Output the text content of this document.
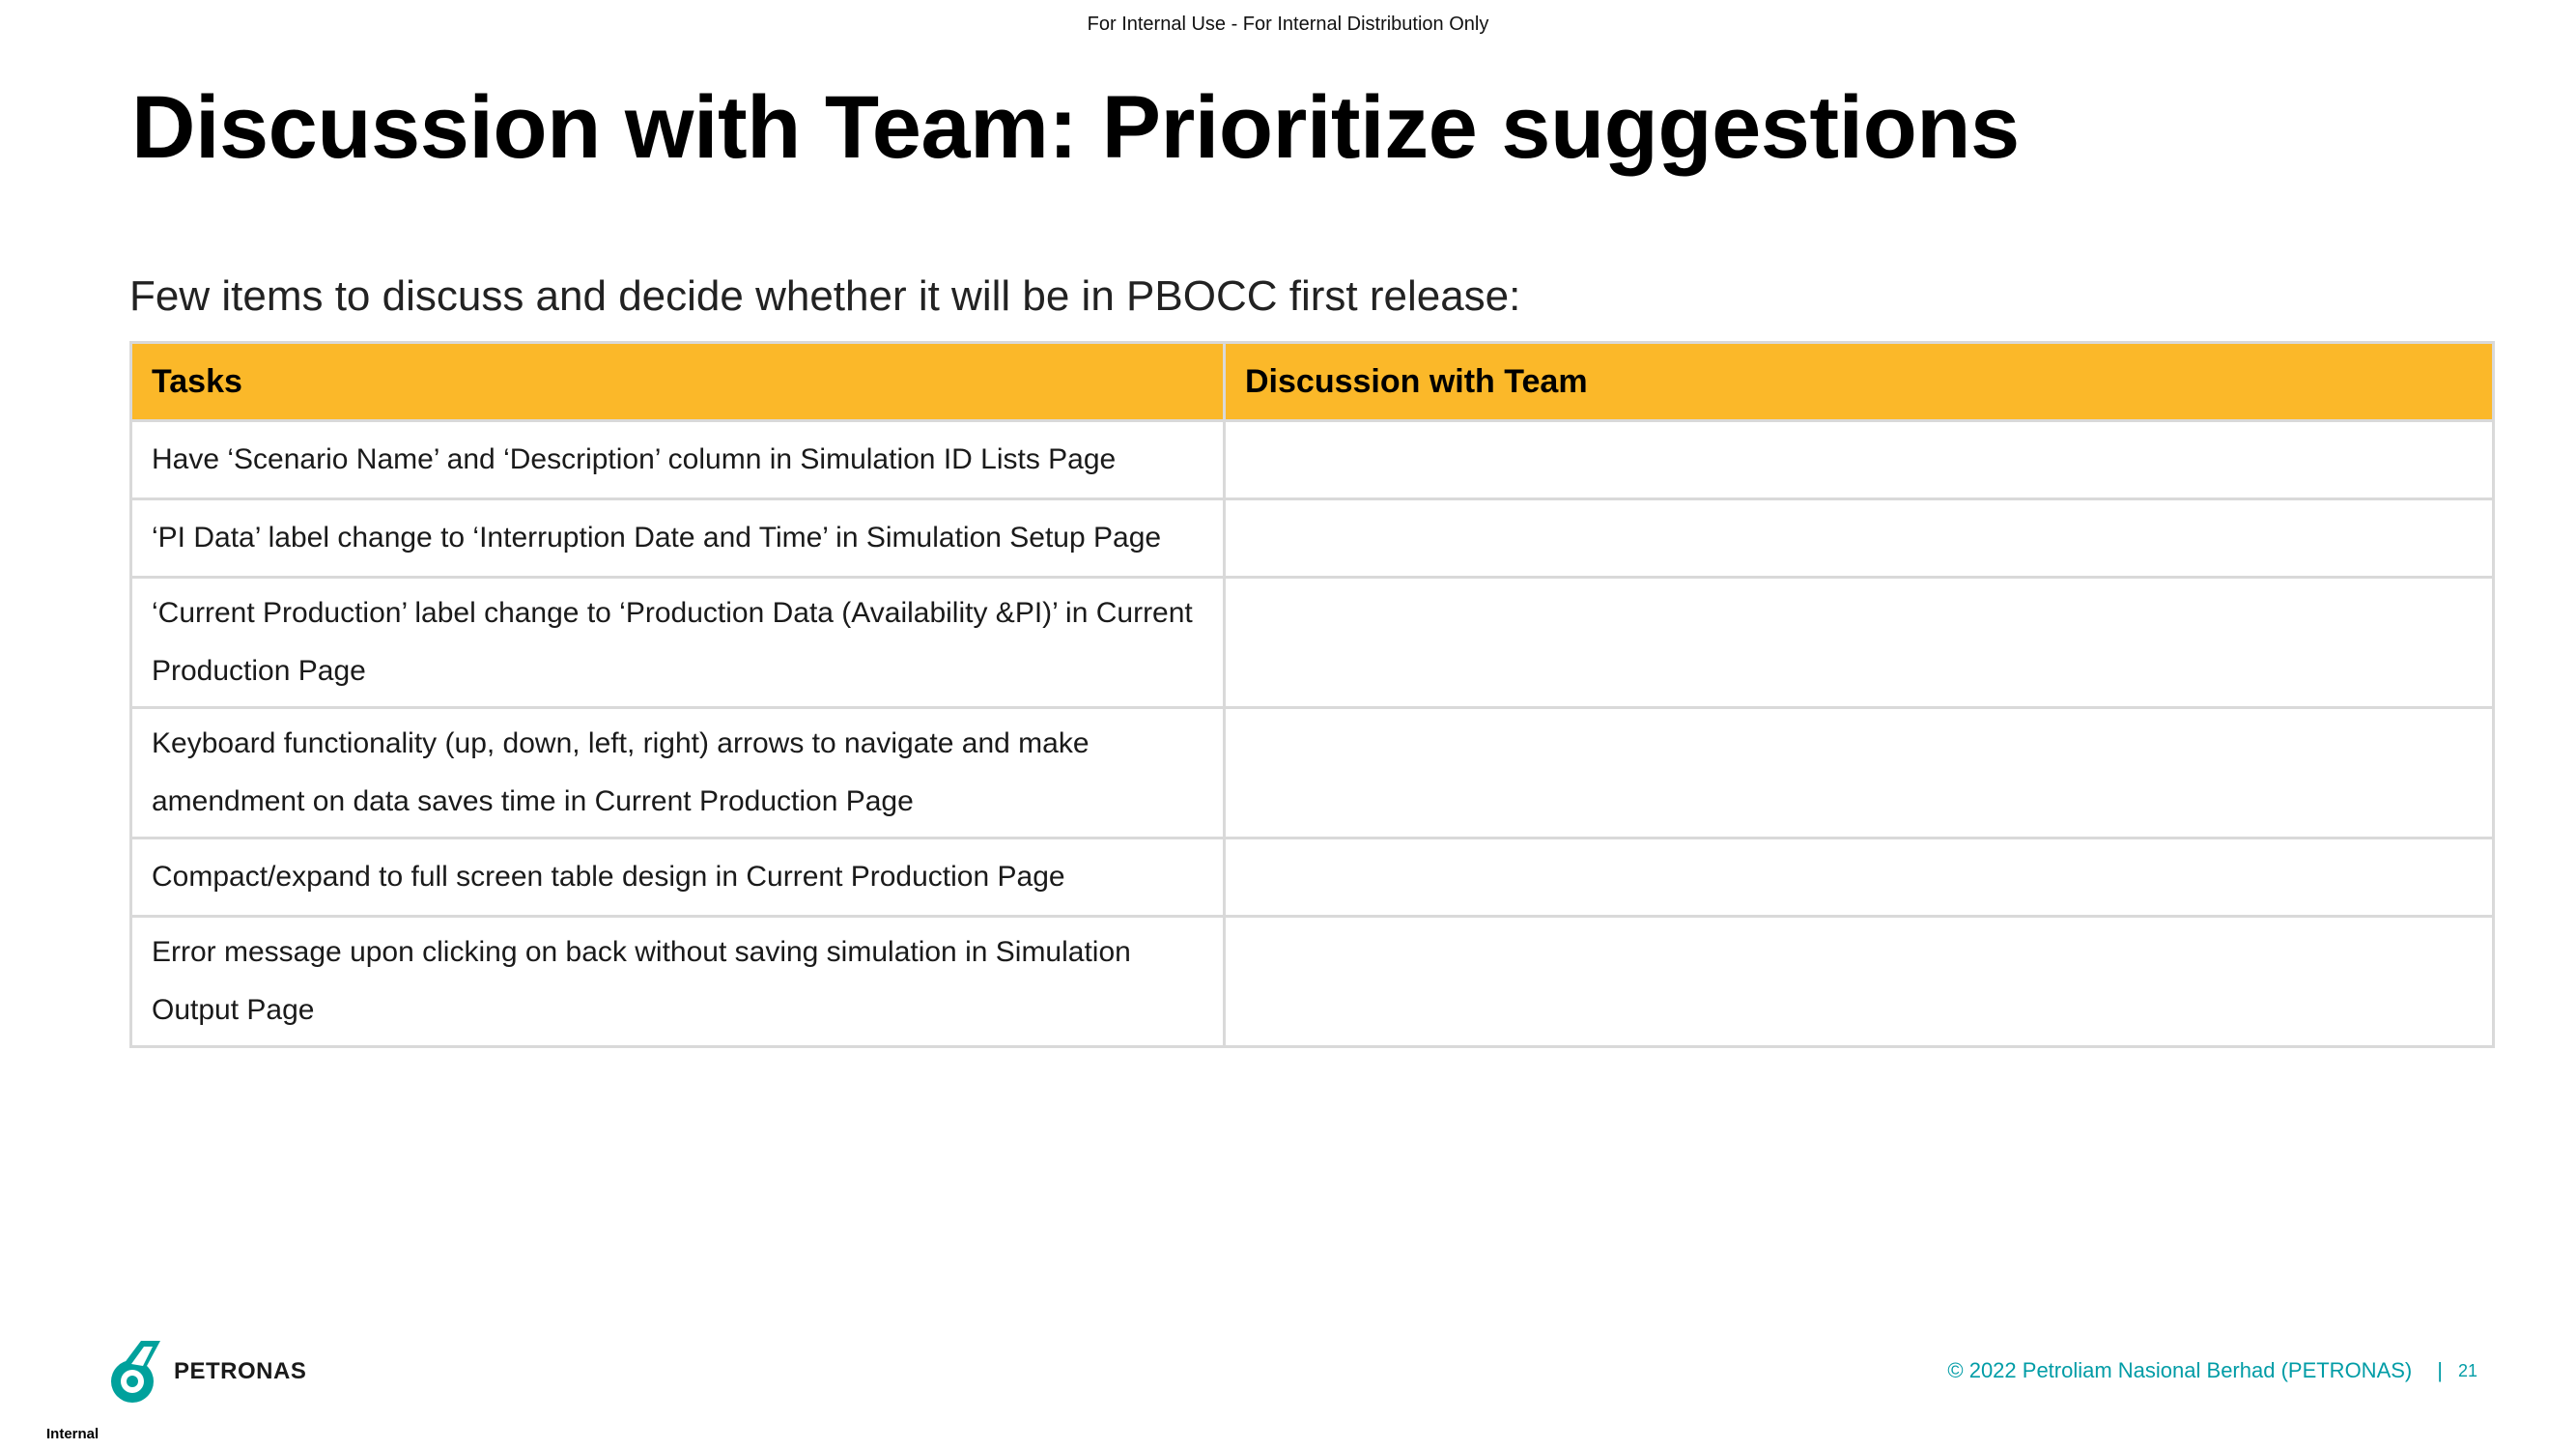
For Internal Use - For Internal Distribution Only
Discussion with Team: Prioritize suggestions

Few items to discuss and decide whether it will be in PBOCC first release:

Tasks	Discussion with Team
Have ‘Scenario Name’ and ‘Description’ column in Simulation ID Lists Page	
‘PI Data’ label change to ‘Interruption Date and Time’ in Simulation Setup Page	
‘Current Production’ label change to ‘Production Data (Availability &PI)’ in Current Production Page	
Keyboard functionality (up, down, left, right) arrows to navigate and make amendment on data saves time in Current Production Page	
Compact/expand to full screen table design in Current Production Page	
Error message upon clicking on back without saving simulation in Simulation Output Page	
PETRONAS
Internal
© 2022 Petroliam Nasional Berhad (PETRONAS) | 21
